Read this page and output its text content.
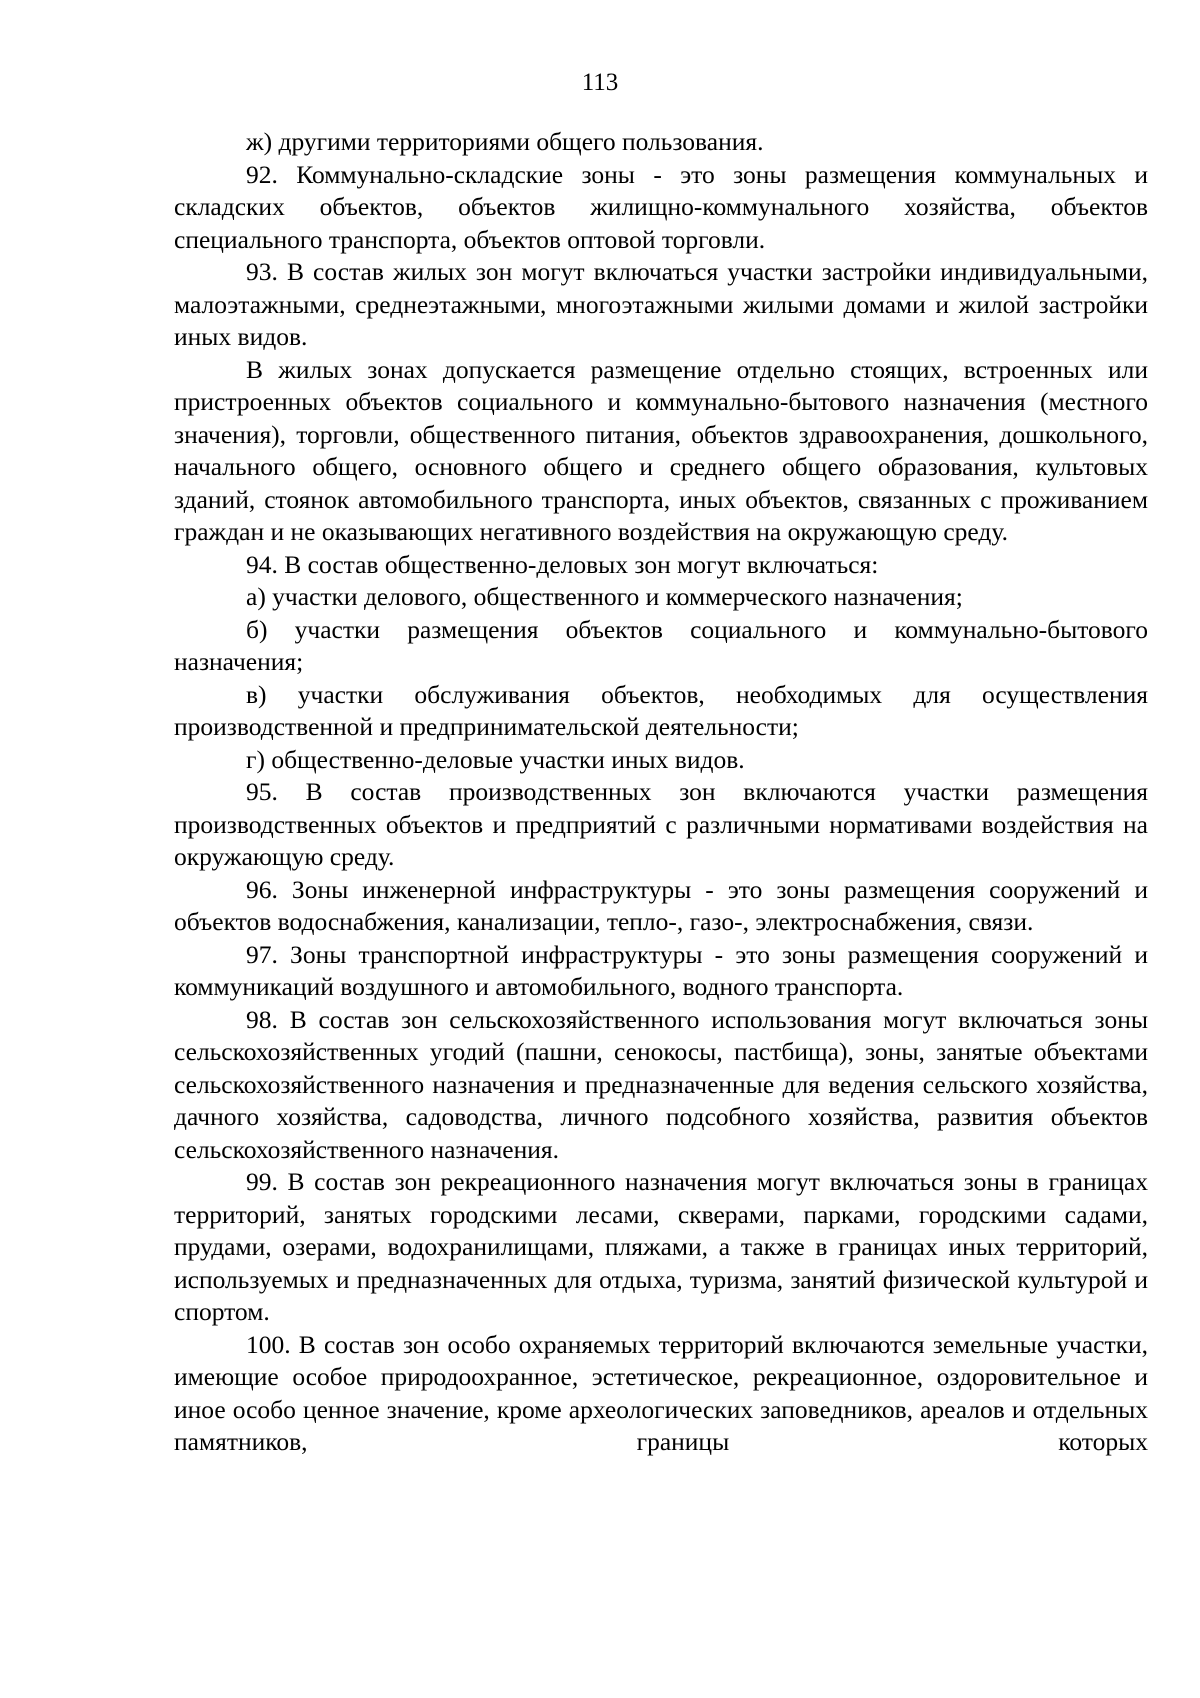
113

ж) другими территориями общего пользования.

92. Коммунально-складские зоны - это зоны размещения коммунальных и складских объектов, объектов жилищно-коммунального хозяйства, объектов специального транспорта, объектов оптовой торговли.

93. В состав жилых зон могут включаться участки застройки индивидуальными, малоэтажными, среднеэтажными, многоэтажными жилыми домами и жилой застройки иных видов.

В жилых зонах допускается размещение отдельно стоящих, встроенных или пристроенных объектов социального и коммунально-бытового назначения (местного значения), торговли, общественного питания, объектов здравоохранения, дошкольного, начального общего, основного общего и среднего общего образования, культовых зданий, стоянок автомобильного транспорта, иных объектов, связанных с проживанием граждан и не оказывающих негативного воздействия на окружающую среду.

94. В состав общественно-деловых зон могут включаться:

а) участки делового, общественного и коммерческого назначения;

б) участки размещения объектов социального и коммунально-бытового назначения;

в) участки обслуживания объектов, необходимых для осуществления производственной и предпринимательской деятельности;

г) общественно-деловые участки иных видов.

95. В состав производственных зон включаются участки размещения производственных объектов и предприятий с различными нормативами воздействия на окружающую среду.

96. Зоны инженерной инфраструктуры - это зоны размещения сооружений и объектов водоснабжения, канализации, тепло-, газо-, электроснабжения, связи.

97. Зоны транспортной инфраструктуры - это зоны размещения сооружений и коммуникаций воздушного и автомобильного, водного транспорта.

98. В состав зон сельскохозяйственного использования могут включаться зоны сельскохозяйственных угодий (пашни, сенокосы, пастбища), зоны, занятые объектами сельскохозяйственного назначения и предназначенные для ведения сельского хозяйства, дачного хозяйства, садоводства, личного подсобного хозяйства, развития объектов сельскохозяйственного назначения.

99. В состав зон рекреационного назначения могут включаться зоны в границах территорий, занятых городскими лесами, скверами, парками, городскими садами, прудами, озерами, водохранилищами, пляжами, а также в границах иных территорий, используемых и предназначенных для отдыха, туризма, занятий физической культурой и спортом.

100. В состав зон особо охраняемых территорий включаются земельные участки, имеющие особое природоохранное, эстетическое, рекреационное, оздоровительное и иное особо ценное значение, кроме археологических заповедников, ареалов и отдельных памятников, границы которых
